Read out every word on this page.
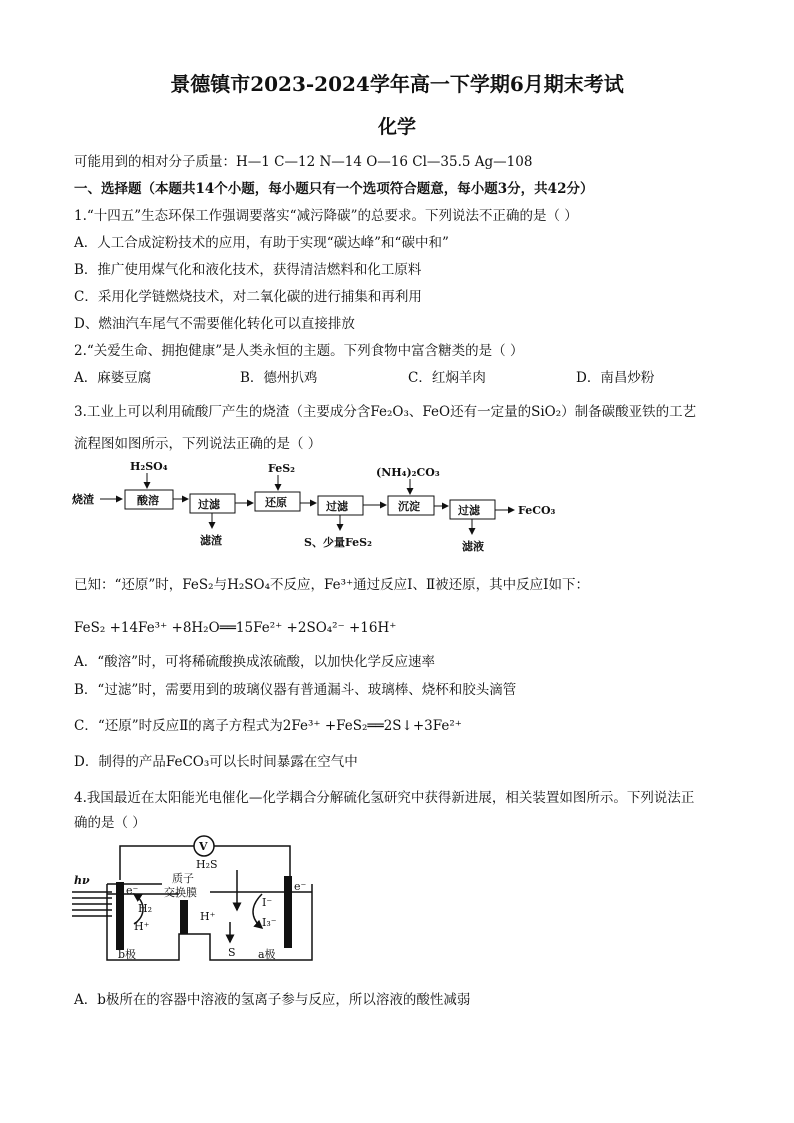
景德镇市2023-2024学年高一下学期6月期末考试
化学
可能用到的相对分子质量：H—1 C—12 N—14 O—16 Cl—35.5 Ag—108
一、选择题（本题共14个小题，每小题只有一个选项符合题意，每小题3分，共42分）
1.“十四五”生态环保工作强调要落实“减污降碳”的总要求。下列说法不正确的是（ ）
A．人工合成淀粉技术的应用，有助于实现“碳达峰”和“碳中和”
B．推广使用煤气化和液化技术，获得清洁燃料和化工原料
C．采用化学链燃烧技术，对二氧化碳的进行捕集和再利用
D、燃油汽车尾气不需要催化转化可以直接排放
2.“关爱生命、拥抱健康”是人类永恒的主题。下列食物中富含糖类的是（ ）
A．麻婆豆腐	B．德州扒鸡	C．红焖羊肉	D．南昌炒粉
3.工业上可以利用硫酸厂产生的烧渣（主要成分含Fe₂O₃、FeO还有一定量的SiO₂）制备碳酸亚铁的工艺
流程图如图所示，下列说法正确的是（ ）
烧渣
H₂SO₄
酸溶	过滤
滤渣
FeS₂
还原	过滤
S、少量FeS₂
(NH₄)₂CO₃
沉淀	过滤
滤液
FeCO₃
已知：“还原”时，FeS₂与H₂SO₄不反应，Fe³⁺通过反应Ⅰ、Ⅱ被还原，其中反应Ⅰ如下：
FeS₂ +14Fe³⁺ +8H₂O══15Fe²⁺ +2SO₄²⁻ +16H⁺
A．“酸溶”时，可将稀硫酸换成浓硫酸，以加快化学反应速率
B．“过滤”时，需要用到的玻璃仪器有普通漏斗、玻璃棒、烧杯和胶头滴管
C．“还原”时反应Ⅱ的离子方程式为2Fe³⁺ +FeS₂══2S↓+3Fe²⁺
D．制得的产品FeCO₃可以长时间暴露在空气中
4.我国最近在太阳能光电催化—化学耦合分解硫化氢研究中获得新进展，相关装置如图所示。下列说法正
确的是（ ）
V
hν
H₂S
质子
交换膜
e⁻
H₂
H⁺
H⁺
S
I⁻
I₃⁻
e⁻
b极	a极
A．b极所在的容器中溶液的氢离子参与反应，所以溶液的酸性减弱
